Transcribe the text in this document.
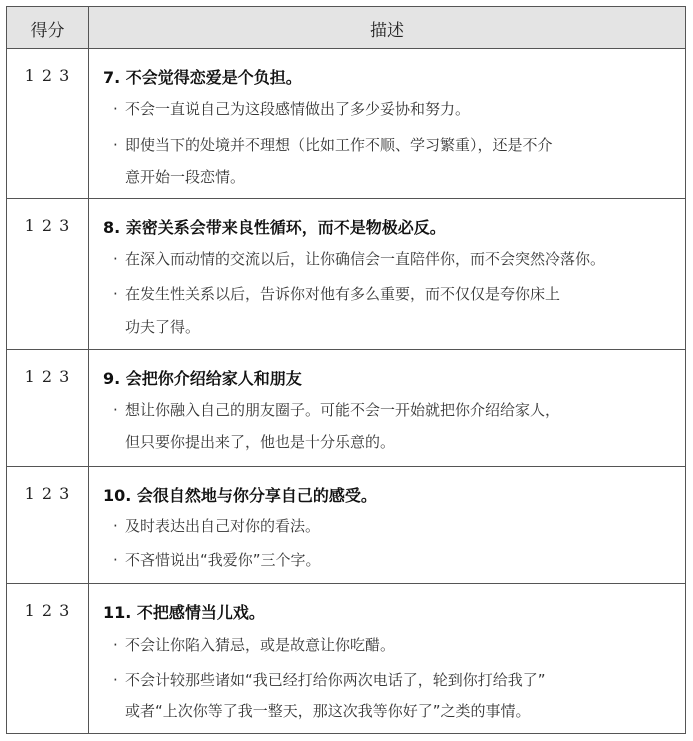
得分	描述
1 2 3	7. 不会觉得恋爱是个负担。
· 不会一直说自己为这段感情做出了多少妥协和努力。
· 即使当下的处境并不理想（比如工作不顺、学习繁重），还是不介
意开始一段恋情。
1 2 3	8. 亲密关系会带来良性循环，而不是物极必反。
· 在深入而动情的交流以后，让你确信会一直陪伴你，而不会突然冷落你。
· 在发生性关系以后，告诉你对他有多么重要，而不仅仅是夸你床上
功夫了得。
1 2 3	9. 会把你介绍给家人和朋友
· 想让你融入自己的朋友圈子。可能不会一开始就把你介绍给家人，
但只要你提出来了，他也是十分乐意的。
1 2 3	10. 会很自然地与你分享自己的感受。
· 及时表达出自己对你的看法。
· 不吝惜说出“我爱你”三个字。
1 2 3	11. 不把感情当儿戏。
· 不会让你陷入猜忌，或是故意让你吃醋。
· 不会计较那些诸如“我已经打给你两次电话了，轮到你打给我了”
或者“上次你等了我一整天，那这次我等你好了”之类的事情。
